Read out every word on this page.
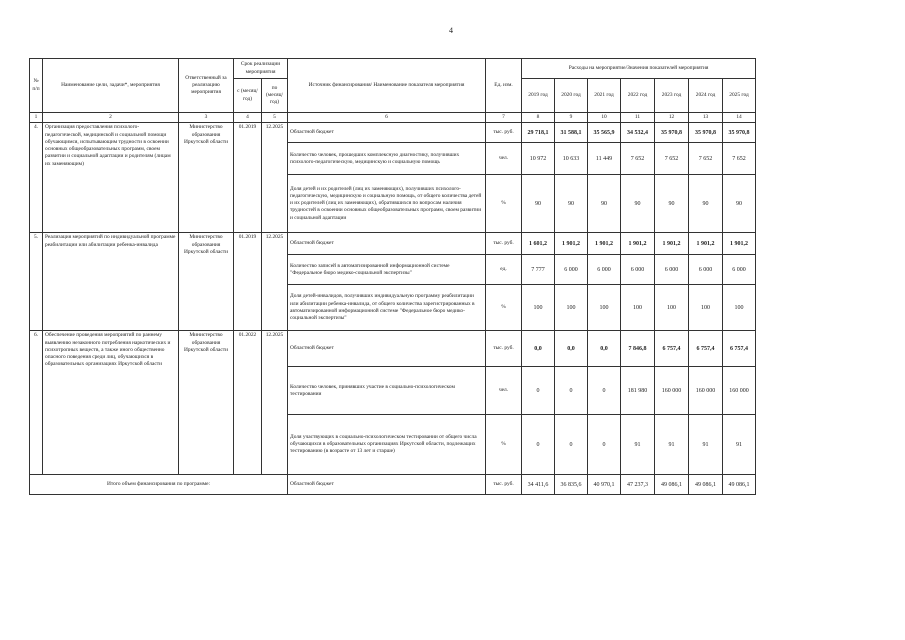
4
№ п/п	Наименование цели, задачи*, мероприятия	Ответственный за реализацию мероприятия	Срок реализации мероприятия		Источник финансирования/ Наименование показателя мероприятия	Ед. изм.	Расходы на мероприятие/Значения показателей мероприятия						
			с (месяц/ год)	по (месяц/ год)			2019 год	2020 год	2021 год	2022 год	2023 год	2024 год	2025 год
1	2	3	4	5	6	7	8	9	10	11	12	13	14
4.	Организация предоставления психолого-педагогической, медицинской и социальной помощи обучающимся, испытывающим трудности в освоении основных общеобразовательных программ, своем развитии и социальной адаптации и родителям (лицам их заменяющим)	Министерство образования Иркутской области	01.2019	12.2025	Областной бюджет	тыс. руб.	29 718,1	31 588,1	35 565,9	34 532,4	35 970,8	35 970,8	35 970,8
					Количество человек, прошедших комплексную диагностику, получивших психолого-педагогическую, медицинскую и социальную помощь	чел.	10 972	10 633	11 449	7 652	7 652	7 652	7 652
					Доля детей и их родителей (лиц их заменяющих), получивших психолого-педагогическую, медицинскую и социальную помощь, от общего количества детей и их родителей (лиц их заменяющих), обратившихся по вопросам наличия трудностей в освоении основных общеобразовательных программ, своем развитии и социальной адаптации	%	90	90	90	90	90	90	90
5.	Реализация мероприятий по индивидуальной программе реабилитации или абилитации ребенка-инвалида	Министерство образования Иркутской области	01.2019	12.2025	Областной бюджет	тыс. руб.	1 601,2	1 901,2	1 901,2	1 901,2	1 901,2	1 901,2	1 901,2
					Количество записей в автоматизированной информационной системе "Федеральное бюро медико-социальной экспертизы"	ед.	7 777	6 000	6 000	6 000	6 000	6 000	6 000
					Доля детей-инвалидов, получивших индивидуальную программу реабилитации или абилитации ребенка-инвалида, от общего количества зарегистрированных в автоматизированной информационной системе "Федеральное бюро медико-социальной экспертизы"	%	100	100	100	100	100	100	100
6.	Обеспечение проведения мероприятий по раннему выявлению незаконного потребления наркотических и психотропных веществ, а также иного общественно опасного поведения среди лиц, обучающихся в образовательных организациях Иркутской области	Министерство образования Иркутской области	01.2022	12.2025	Областной бюджет	тыс. руб.	0,0	0,0	0,0	7 846,8	6 757,4	6 757,4	6 757,4
					Количество человек, принявших участие в социально-психологическом тестировании	чел.	0	0	0	181 980	160 000	160 000	160 000
					Доля участвующих в социально-психологическом тестировании от общего числа обучающихся в образовательных организациях Иркутской области, подлежащих тестированию (в возрасте от 13 лет и старше)	%	0	0	0	91	91	91	91
Итого объем финансирования по программе:					Областной бюджет	тыс. руб.	34 411,6	36 835,6	40 970,1	47 237,3	49 086,1	49 086,1	49 086,1
